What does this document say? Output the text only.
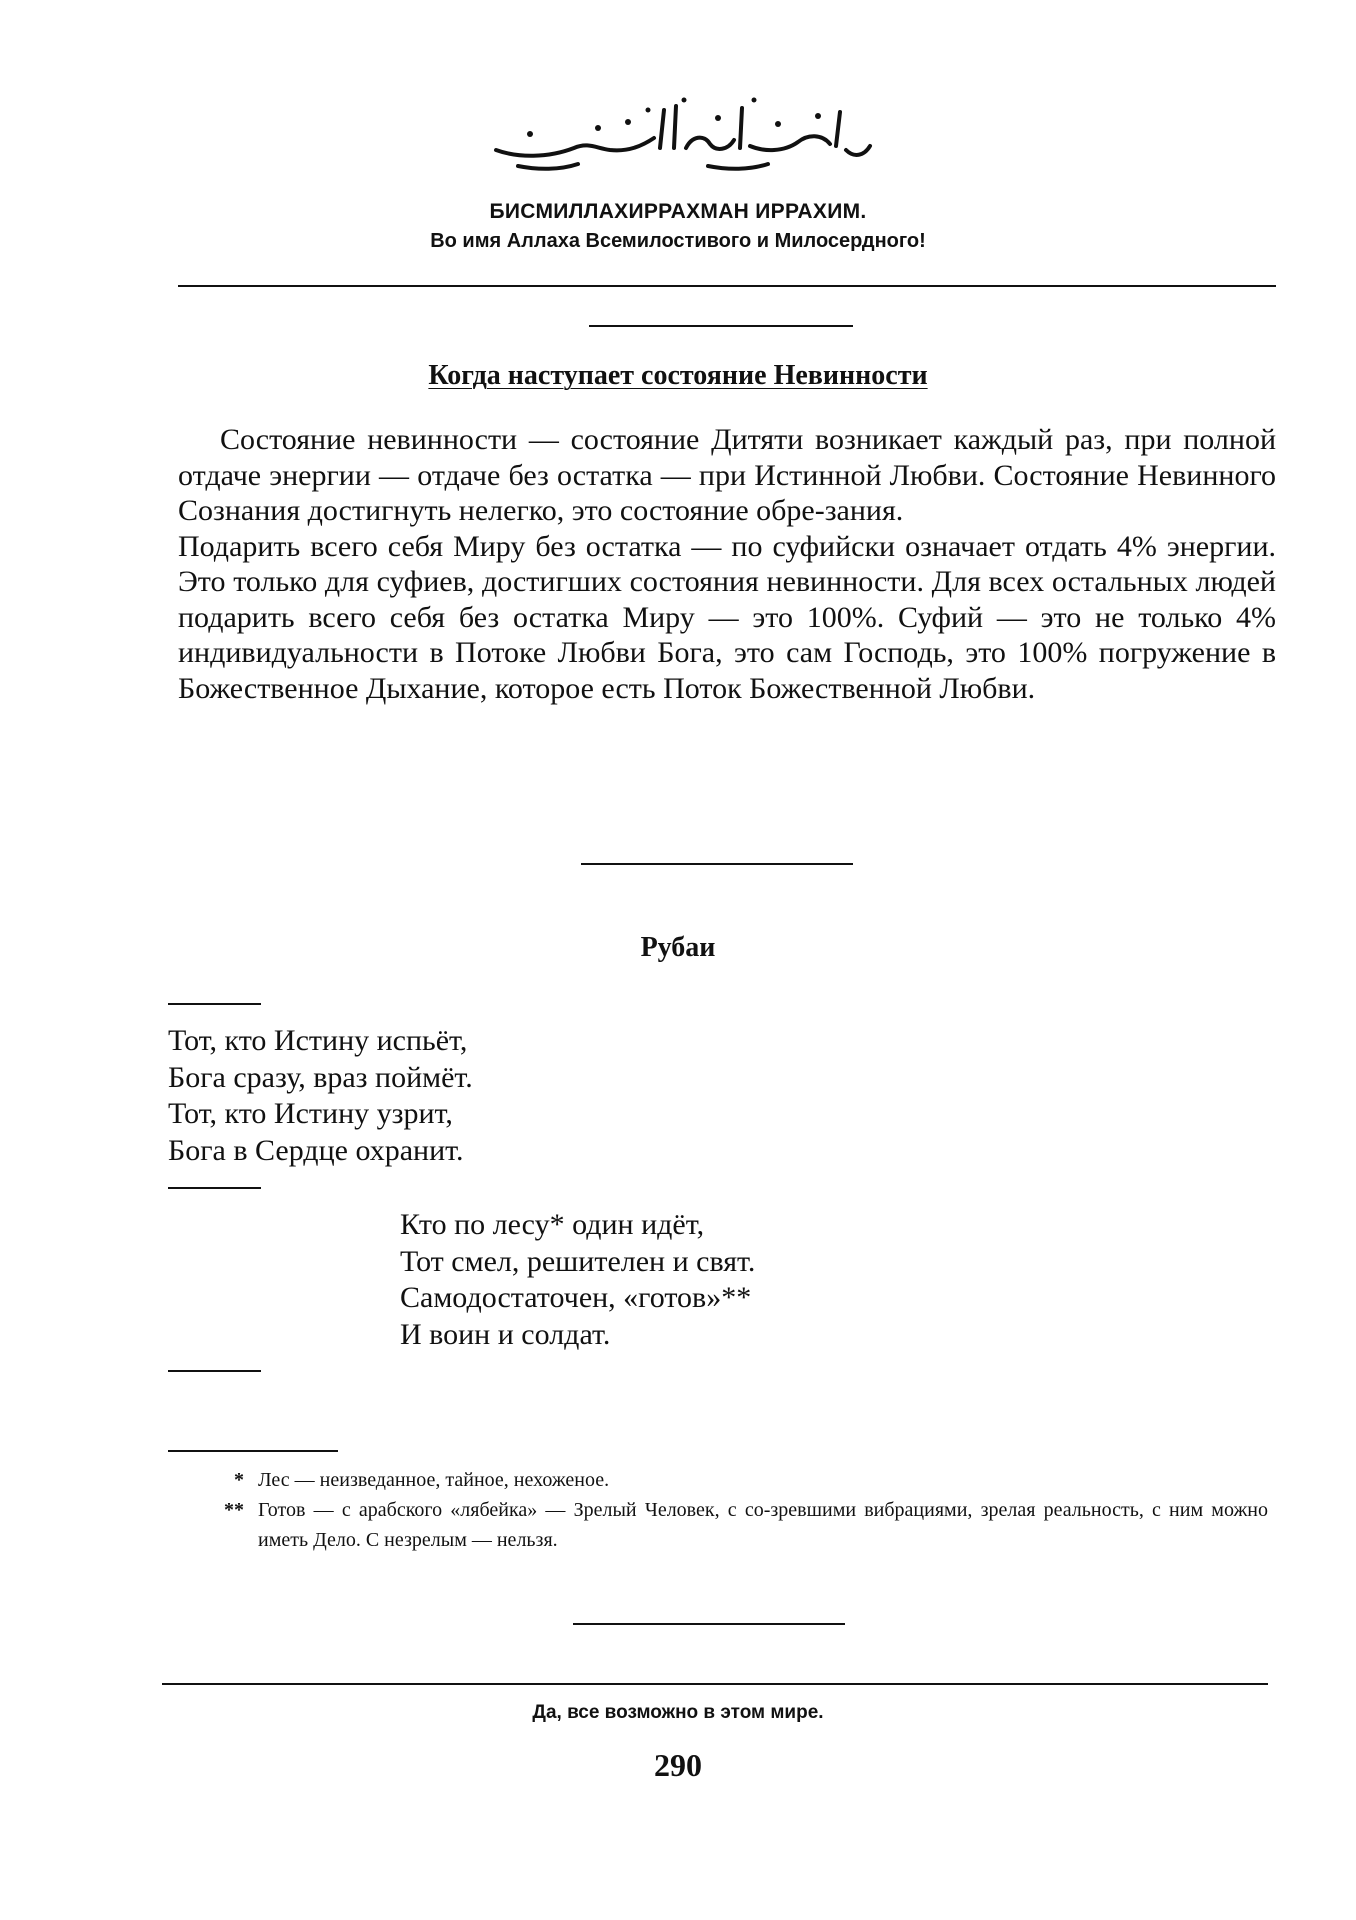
БИСМИЛЛАХИРРАХМАН ИРРАХИМ.
Во имя Аллаха Всемилостивого и Милосердного!
Когда наступает состояние Невинности

Состояние невинности — состояние Дитяти возникает каждый раз, при полной отдаче энергии — отдаче без остатка — при Истинной Любви. Состояние Невинного Сознания достигнуть нелегко, это состояние обре-зания.

Подарить всего себя Миру без остатка — по суфийски означает отдать 4% энергии. Это только для суфиев, достигших состояния невинности. Для всех остальных людей подарить всего себя без остатка Миру — это 100%. Суфий — это не только 4% индивидуальности в Потоке Любви Бога, это сам Господь, это 100% погружение в Божественное Дыхание, которое есть Поток Божественной Любви.

Рубаи
Тот, кто Истину испьёт,
Бога сразу, враз поймёт.
Тот, кто Истину узрит,
Бога в Сердце охранит.
Кто по лесу* один идёт,
Тот смел, решителен и свят.
Самодостаточен, «готов»**
И воин и солдат.
* Лес — неизведанное, тайное, нехоженое.
** Готов — с арабского «лябейка» — Зрелый Человек, с со-зревшими вибрациями, зрелая реальность, с ним можно иметь Дело. С незрелым — нельзя.
Да, все возможно в этом мире.
290
